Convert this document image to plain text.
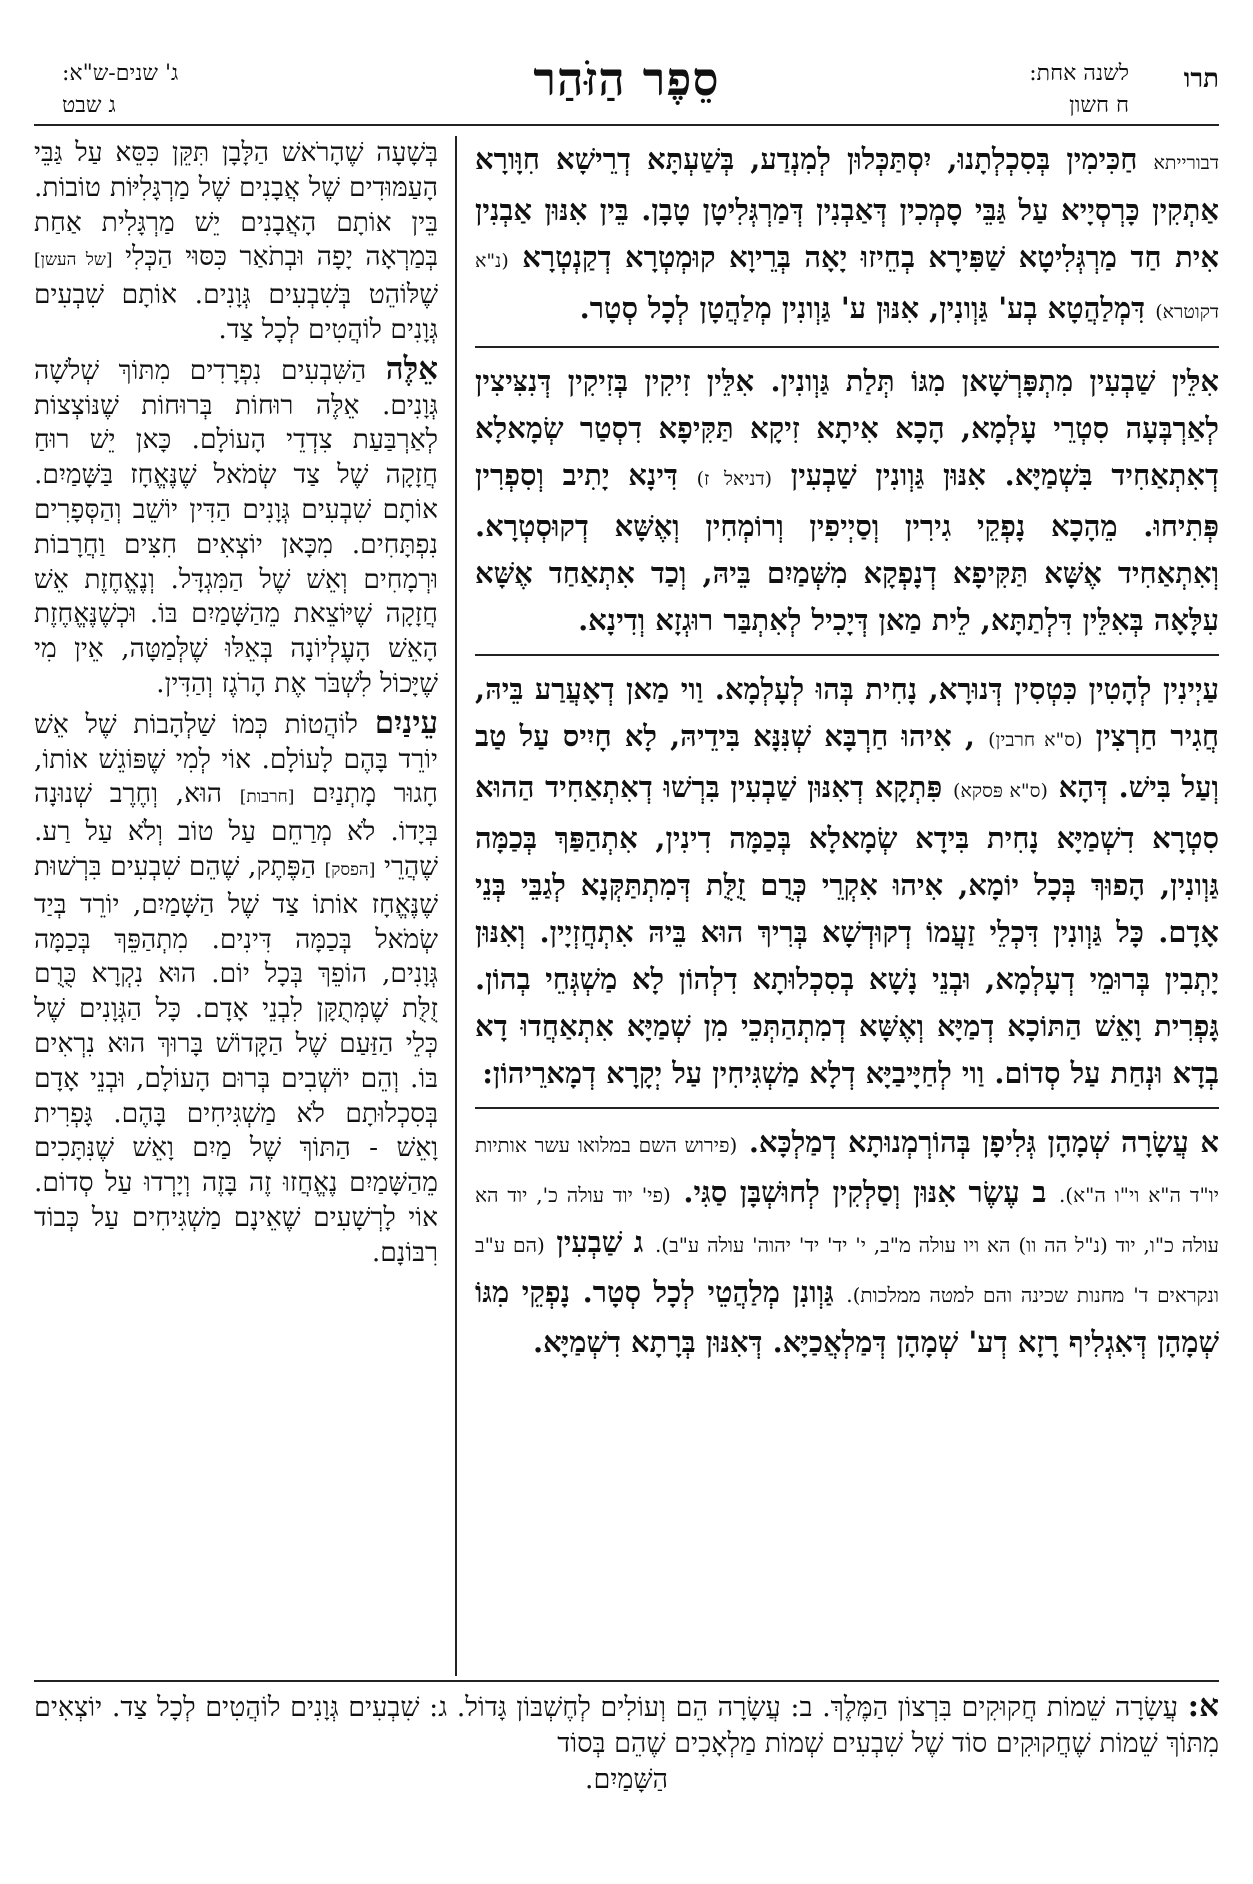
תרו
לשנה אחת:
ח חשון
סֵפֶר הַזֹּהַר
ג' שנים-ש"א:
ג שבט

דבורייתא חַכִּימִין בְּסִכְלְתָנוּ, יִסְתַּכְּלוּן לְמִנְדַע, בְּשַׁעְתָּא דְרֵישָׁא חִוָּורָא אַתְקִין כָּרְסְיָיא עַל גַּבֵּי סָמְכִין דְּאַבְנִין דְּמַרְגְּלִיטָן טָבָן. בֵּין אִנּוּן אַבְנִין אִית חַד מַרְגְּלִיטָא שַׁפִּירָא בְחֵיזוּ יָאָה בְּרֵיוָא קוּמְטְרָא דְקַנְטְרָא (נ"א דקוטרא) דִּמְלַהֲטָא בְע' גַּוְונִין, אִנּוּן ע' גַּוְונִין מְלַהֲטָן לְכָל סְטָר.

אִלֵּין שַׁבְעִין מִתְפָּרְשָׁאן מִגּוֹ תְּלַת גַּוְונִין. אִלֵּין זִיקִין בְּזִיקִין דְּנִצִּיצִין לְאַרְבְּעָה סִטְרֵי עָלְמָא, הָכָא אִיתָא זִיקָא תַּקִּיפָא דִסְטַר שְׂמָאלָא דְאִתְאַחִיד בִּשְׁמַיָּא. אִנּוּן גַּוְונִין שַׁבְעִין (דניאל ז) דִּינָא יָתִיב וְסִפְרִין פְּתִיחוּ. מֵהָכָא נָפְקֵי גִירִין וְסַיְיפִין וְרוֹמְחִין וְאֶשָּׁא דְקוּסְטְרָא. וְאִתְאַחִיד אֶשָּׁא תַּקִּיפָא דְנָפְקָא מִשְּׁמַיִם בֵּיהּ, וְכַד אִתְאַחַד אֶשָּׁא עִלָּאָה בְּאִלֵּין דִּלְתַתָּא, לֵית מַאן דְּיָכִיל לְאִתְבַּר רוּגְזָא וְדִינָא.

עַיְינִין לְהָטִין כִּטְסִין דְּנוּרָא, נָחִית בְּהוּ לְעָלְמָא. וַוי מַאן דְאָעֲרַע בֵּיהּ, חֲגִיר חַרְצִין (ס"א חרבין) , אִיהוּ חַרְבָּא שְׁנִּנָּא בִּידֵיהּ, לָא חָיִיס עַל טַב וְעַל בִּישׁ. דְּהָא (ס"א פּסקא) פִּתְקָא דְאִנּוּן שַׁבְעִין בִּרְשׁוּ דְאִתְאַחִיד הַהוּא סִטְרָא דִשְׁמַיָּא נָחִית בִּידָא שְׂמָאלָא בְּכַמָּה דִינִין, אִתְהַפַּךְ בְּכַמָּה גַּוְונִין, הָפוּךְ בְּכָל יוֹמָא, אִיהוּ אִקְרֵי כְּרֻם זֻלֻּת דְּמִתְתַּקְּנָא לְגַבֵּי בְּנֵי אָדָם. כָּל גַּוְונִין דִּכְלֵי זַעֲמוֹ דְקוּדְשָׁא בְּרִיךְ הוּא בֵּיהּ אִתְחֲזְיָין. וְאִנּוּן יָתְבִין בְּרוּמֵי דְעָלְמָא, וּבְנֵי נָשָׁא בְסִכְלוּתָא דִלְהוֹן לָא מַשְׁגְּחֵי בְהוֹן. גָּפְרִית וָאֵשׁ הַתּוֹכָא דְמַיָּא וְאֶשָּׁא דְמִתְהַתְּכֵי מִן שְׁמַיָּא אִתְאַחֲדוּ דָא בְדָא וּנְחַת עַל סְדוֹם. וַוי לְחַיָּיבַיָּא דְלָא מַשְׁגִּיחִין עַל יְקָרָא דְמָארֵיהוֹן:

א עֲשָׂרָה שְׁמָהָן גְּלִיפָן בְּהוֹרְמְנוּתָא דְמַלְכָּא. (פירוש השם במלואו עשר אותיות יו"ד ה"א וי"ו ה"א). ב עֶשֶׂר אִנּוּן וְסַלְקִין לְחוּשְׁבָּן סַגִּי. (פי' יוד עולה כ', יוד הא עולה כ"ו, יוד (נ"ל הה וו) הא ויו עולה מ"ב, י' יד' יד' יהוה' עולה ע"ב). ג שַׁבְעִין (הם ע"ב ונקראים ד' מחנות שכינה והם למטה ממלכות). גַּוְונִן מְלַהֲטֵי לְכָל סְטָר. נָפְקֵי מִגּוֹ שְׁמָהָן דְּאִגְלִיף רָזָא דְע' שְׁמָהָן דְּמַלְאֲכַיָּא. דְּאִנּוּן בְּרָתָא דִשְׁמַיָּא.

בְּשָׁעָה שֶׁהָרֹאשׁ הַלָּבָן תִּקֵּן כִּסֵּא עַל גַּבֵּי הָעַמּוּדִים שֶׁל אֲבָנִים שֶׁל מַרְגָּלִיּוֹת טוֹבוֹת. בֵּין אוֹתָם הָאֲבָנִים יֵשׁ מַרְגָּלִית אַחַת בְּמַרְאָה יָפָה וּבְתֹאַר כִּסּוּי הַכְּלִי [של העשן] שֶׁלּוֹהֵט בְּשִׁבְעִים גְּוָנִים. אוֹתָם שִׁבְעִים גְּוָנִים לוֹהֲטִים לְכָל צַד.

אֵלֶּה הַשִּׁבְעִים נִפְרָדִים מִתּוֹךְ שְׁלֹשָׁה גְּוָנִים. אֵלֶּה רוּחוֹת בְּרוּחוֹת שֶׁנּוֹצְצוֹת לְאַרְבַּעַת צִדְדֵי הָעוֹלָם. כָּאן יֵשׁ רוּחַ חֲזָקָה שֶׁל צַד שְׂמֹאל שֶׁנֶּאֱחָז בַּשָּׁמַיִם. אוֹתָם שִׁבְעִים גְּוָנִים הַדִּין יוֹשֵׁב וְהַסְּפָרִים נִפְתָּחִים. מִכָּאן יוֹצְאִים חִצִּים וַחֲרָבוֹת וּרְמָחִים וְאֵשׁ שֶׁל הַמִּגְדָּל. וְנֶאֱחֶזֶת אֵשׁ חֲזָקָה שֶׁיּוֹצֵאת מֵהַשָּׁמַיִם בּוֹ. וּכְשֶׁנֶּאֱחֶזֶת הָאֵשׁ הָעֶלְיוֹנָה בְּאֵלּוּ שֶׁלְּמַטָּה, אֵין מִי שֶׁיָּכוֹל לִשְׁבֹּר אֶת הָרֹגֶז וְהַדִּין.

עֵינַיִם לוֹהֲטוֹת כְּמוֹ שַׁלְהָבוֹת שֶׁל אֵשׁ יוֹרֵד בָּהֶם לָעוֹלָם. אוֹי לְמִי שֶׁפּוֹגֵשׁ אוֹתוֹ, חָגוּר מָתְנַיִם [חרבות] הוּא, וְחֶרֶב שְׁנוּנָה בְּיָדוֹ. לֹא מְרַחֵם עַל טוֹב וְלֹא עַל רַע. שֶׁהֲרֵי [הפסק] הַפֶּתֶק, שֶׁהֵם שִׁבְעִים בִּרְשׁוּת שֶׁנֶּאֱחָז אוֹתוֹ צַד שֶׁל הַשָּׁמַיִם, יוֹרֵד בְּיַד שְׂמֹאל בְּכַמָּה דִּינִים. מִתְהַפֵּךְ בְּכַמָּה גְּוָנִים, הוֹפֵךְ בְּכָל יוֹם. הוּא נִקְרָא כֻּרֻם זֻלֻּת שֶׁמְּתֻקָּן לִבְנֵי אָדָם. כָּל הַגְּוָנִים שֶׁל כְּלֵי הַזַּעַם שֶׁל הַקָּדוֹשׁ בָּרוּךְ הוּא נִרְאִים בּוֹ. וְהֵם יוֹשְׁבִים בְּרוּם הָעוֹלָם, וּבְנֵי אָדָם בְּסִכְלוּתָם לֹא מַשְׁגִּיחִים בָּהֶם. גָּפְרִית וָאֵשׁ - הַתּוֹךְ שֶׁל מַיִם וָאֵשׁ שֶׁנִּתָּכִים מֵהַשָּׁמַיִם נֶאֱחֲזוּ זֶה בָּזֶה וְיָרְדוּ עַל סְדוֹם. אוֹי לָרְשָׁעִים שֶׁאֵינָם מַשְׁגִּיחִים עַל כְּבוֹד רִבּוֹנָם.

א: עֲשָׂרָה שֵׁמוֹת חֲקוּקִים בִּרְצוֹן הַמֶּלֶךְ. ב: עֲשָׂרָה הֵם וְעוֹלִים לְחֶשְׁבּוֹן גָּדוֹל. ג: שִׁבְעִים גְּוָנִים לוֹהֲטִים לְכָל צַד. יוֹצְאִים מִתּוֹךְ שֵׁמוֹת שֶׁחֲקוּקִים סוֹד שֶׁל שִׁבְעִים שְׁמוֹת מַלְאָכִים שֶׁהֵם בְּסוֹד
הַשָּׁמַיִם.
